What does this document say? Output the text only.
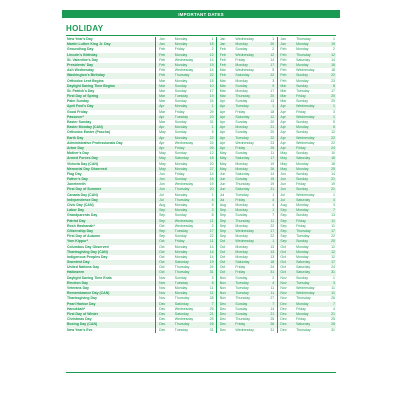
IMPORTANT DATES
HOLIDAY
New Year's Day		Jan	Monday	1		Jan	Wednesday	1		Jan	Thursday	1
Martin Luther King Jr. Day		Jan	Monday	15		Jan	Monday	20		Jan	Monday	19
Groundhog Day		Feb	Friday	2		Feb	Sunday	2		Feb	Monday	2
Lincoln's Birthday		Feb	Monday	12		Feb	Wednesday	12		Feb	Thursday	12
St. Valentine's Day		Feb	Wednesday	14		Feb	Friday	14		Feb	Saturday	14
Presidents' Day		Feb	Monday	19		Feb	Monday	17		Feb	Monday	16
Ash Wednesday		Feb	Wednesday	14		Mar	Wednesday	5		Feb	Wednesday	18
Washington's Birthday		Feb	Thursday	22		Feb	Saturday	22		Feb	Sunday	22
Orthodox Lent Begins		Mar	Monday	18		Mar	Monday	3		Feb	Monday	23
Daylight Saving Time Begins		Mar	Sunday	10		Mar	Sunday	9		Mar	Sunday	8
St. Patrick's Day		Mar	Sunday	17		Mar	Monday	17		Mar	Tuesday	17
First Day of Spring		Mar	Tuesday	19		Mar	Thursday	20		Mar	Friday	20
Palm Sunday		Mar	Sunday	24		Apr	Sunday	13		Mar	Sunday	29
April Fool's Day		Apr	Monday	1		Apr	Tuesday	1		Apr	Wednesday	1
Good Friday		Mar	Friday	29		Apr	Friday	18		Apr	Friday	3
Passover*		Apr	Tuesday	23		Apr	Saturday	12		Apr	Wednesday	1
Easter Sunday		Mar	Sunday	31		Apr	Sunday	20		Apr	Sunday	5
Easter Monday (CAN)		Apr	Monday	1		Apr	Monday	21		Apr	Monday	6
Orthodox Easter (Pascha)		May	Sunday	5		Apr	Sunday	20		Apr	Sunday	12
Earth Day		Apr	Monday	22		Apr	Tuesday	22		Apr	Wednesday	22
Administrative Professionals Day		Apr	Wednesday	24		Apr	Wednesday	23		Apr	Wednesday	22
Arbor Day		Apr	Friday	26		Apr	Friday	25		Apr	Friday	24
Mother's Day		May	Sunday	12		May	Sunday	11		May	Sunday	10
Armed Forces Day		May	Saturday	18		May	Saturday	17		May	Saturday	16
Victoria Day (CAN)		May	Monday	20		May	Monday	19		May	Monday	18
Memorial Day Observed		May	Monday	27		May	Monday	26		May	Monday	25
Flag Day		Jun	Friday	14		Jun	Saturday	14		Jun	Sunday	14
Father's Day		Jun	Sunday	16		Jun	Sunday	15		Jun	Sunday	21
Juneteenth		Jun	Wednesday	19		Jun	Thursday	19		Jun	Friday	19
First Day of Summer		Jun	Thursday	20		Jun	Saturday	21		Jun	Sunday	21
Canada Day (CAN)		Jul	Monday	1		Jul	Tuesday	1		Jul	Wednesday	1
Independence Day		Jul	Thursday	4		Jul	Friday	4		Jul	Saturday	4
Civic Day (CAN)		Aug	Monday	5		Aug	Monday	4		Aug	Monday	3
Labor Day		Sep	Monday	2		Sep	Monday	1		Sep	Monday	7
Grandparents Day		Sep	Sunday	8		Sep	Sunday	7		Sep	Sunday	13
Patriot Day		Sep	Wednesday	11		Sep	Thursday	11		Sep	Friday	11
Rosh Hashanah*		Oct	Wednesday	2		Sep	Monday	22		Sep	Friday	11
Citizenship Day		Sep	Tuesday	17		Sep	Wednesday	17		Sep	Thursday	17
First Day of Autumn		Sep	Sunday	22		Sep	Monday	22		Sep	Tuesday	22
Yom Kippur*		Oct	Friday	11		Oct	Wednesday	1		Sep	Sunday	20
Columbus Day Observed		Oct	Monday	14		Oct	Monday	13		Oct	Monday	12
Thanksgiving Day (CAN)		Oct	Monday	14		Oct	Monday	13		Oct	Monday	12
Indigenous Peoples Day		Oct	Monday	14		Oct	Monday	13		Oct	Monday	12
Sweetest Day		Oct	Saturday	19		Oct	Saturday	18		Oct	Saturday	17
United Nations Day		Oct	Thursday	24		Oct	Friday	24		Oct	Saturday	24
Halloween		Oct	Thursday	31		Oct	Friday	31		Oct	Saturday	31
Daylight Saving Time Ends		Nov	Sunday	3		Nov	Sunday	2		Nov	Sunday	1
Election Day		Nov	Tuesday	5		Nov	Tuesday	4		Nov	Tuesday	3
Veterans Day		Nov	Monday	11		Nov	Tuesday	11		Nov	Wednesday	11
Remembrance Day (CAN)		Nov	Monday	11		Nov	Tuesday	11		Nov	Wednesday	11
Thanksgiving Day		Nov	Thursday	28		Nov	Thursday	27		Nov	Thursday	26
Pearl Harbor Day		Dec	Saturday	7		Dec	Sunday	7		Dec	Monday	7
Hanukkah*		Dec	Wednesday	25		Dec	Sunday	14		Dec	Friday	4
First Day of Winter		Dec	Saturday	21		Dec	Sunday	21		Dec	Monday	21
Christmas Day		Dec	Wednesday	25		Dec	Thursday	25		Dec	Friday	25
Boxing Day (CAN)		Dec	Thursday	26		Dec	Friday	26		Dec	Saturday	26
New Year's Eve		Dec	Tuesday	31		Dec	Wednesday	31		Dec	Thursday	31
